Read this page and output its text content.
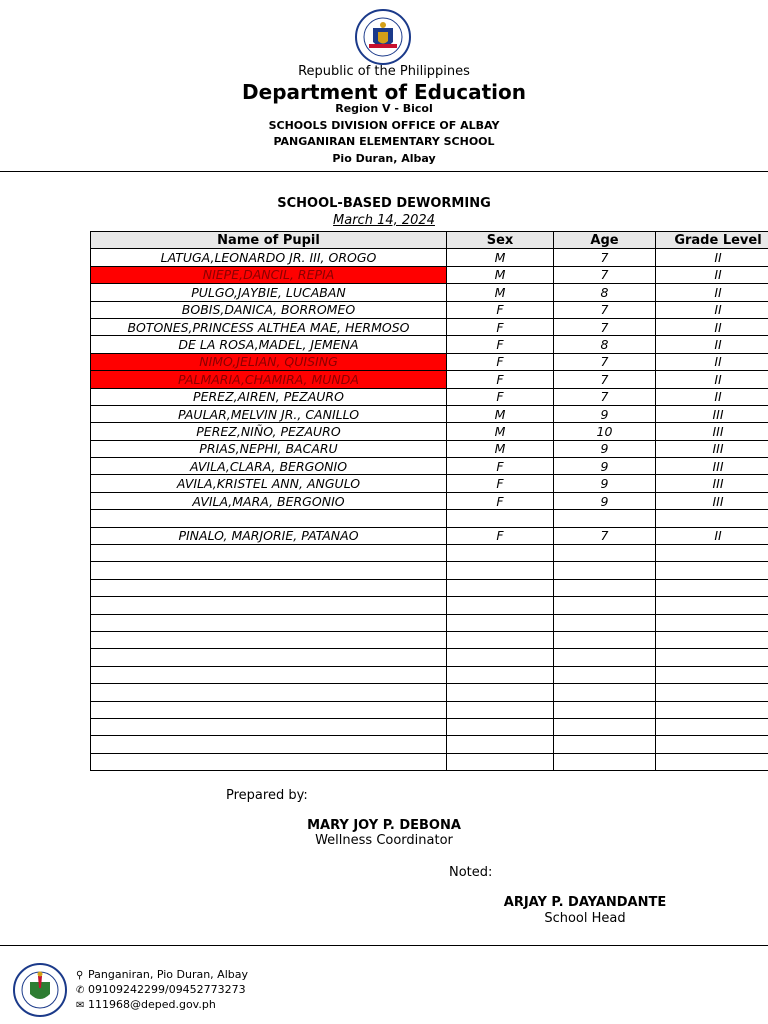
Republic of the Philippines
Department of Education
Region V - Bicol
SCHOOLS DIVISION OFFICE OF ALBAY
PANGANIRAN ELEMENTARY SCHOOL
Pio Duran, Albay
SCHOOL-BASED DEWORMING
March 14, 2024
Name of Pupil	Sex	Age	Grade Level
LATUGA,LEONARDO JR. III, OROGO	M	7	II
NIEPE,DANCIL, REPIA	M	7	II
PULGO,JAYBIE, LUCABAN	M	8	II
BOBIS,DANICA, BORROMEO	F	7	II
BOTONES,PRINCESS ALTHEA MAE, HERMOSO	F	7	II
DE LA ROSA,MADEL, JEMENA	F	8	II
NIMO,JELIAN, QUISING	F	7	II
PALMARIA,CHAMIRA, MUNDA	F	7	II
PEREZ,AIREN, PEZAURO	F	7	II
PAULAR,MELVIN JR., CANILLO	M	9	III
PEREZ,NIÑO, PEZAURO	M	10	III
PRIAS,NEPHI, BACARU	M	9	III
AVILA,CLARA, BERGONIO	F	9	III
AVILA,KRISTEL ANN, ANGULO	F	9	III
AVILA,MARA, BERGONIO	F	9	III

PINALO, MARJORIE, PATANAO	F	7	II

Prepared by:
MARY JOY P. DEBONA
Wellness Coordinator
Noted:
ARJAY P. DAYANDANTE
School Head
⚲ Panganiran, Pio Duran, Albay
✆ 09109242299/09452773273
✉ 111968@deped.gov.ph
